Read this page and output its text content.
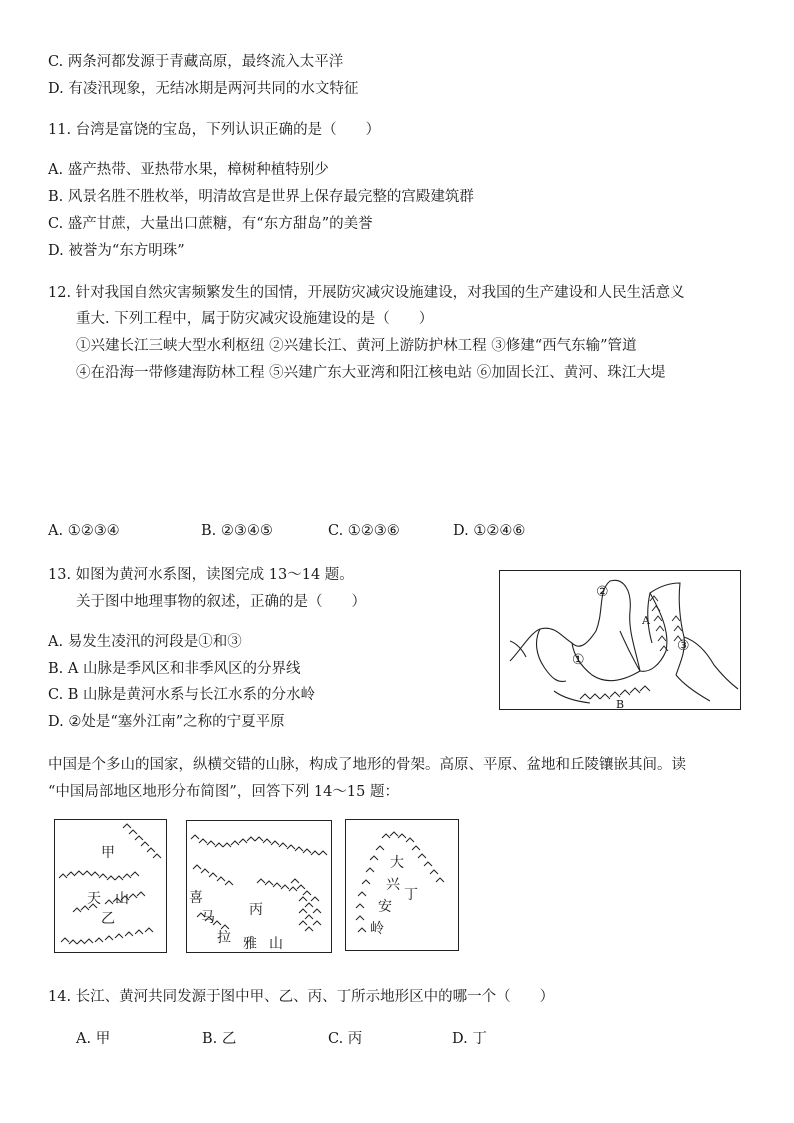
C. 两条河都发源于青藏高原，最终流入太平洋
D. 有凌汛现象，无结冰期是两河共同的水文特征
11. 台湾是富饶的宝岛，下列认识正确的是（　　）
A. 盛产热带、亚热带水果，樟树种植特别少
B. 风景名胜不胜枚举，明清故宫是世界上保存最完整的宫殿建筑群
C. 盛产甘蔗，大量出口蔗糖，有“东方甜岛”的美誉
D. 被誉为“东方明珠”
12. 针对我国自然灾害频繁发生的国情，开展防灾减灾设施建设，对我国的生产建设和人民生活意义
重大. 下列工程中，属于防灾减灾设施建设的是（　　）
①兴建长江三峡大型水利枢纽 ②兴建长江、黄河上游防护林工程 ③修建“西气东输”管道
④在沿海一带修建海防林工程 ⑤兴建广东大亚湾和阳江核电站 ⑥加固长江、黄河、珠江大堤
A. ①②③④	B. ②③④⑤	C. ①②③⑥	D. ①②④⑥
13. 如图为黄河水系图，读图完成 13～14 题。
关于图中地理事物的叙述，正确的是（　　）
A. 易发生凌汛的河段是①和③
B. A 山脉是季风区和非季风区的分界线
C. B 山脉是黄河水系与长江水系的分水岭
D. ②处是“塞外江南”之称的宁夏平原
②
①
③
A
B
中国是个多山的国家，纵横交错的山脉，构成了地形的骨架。高原、平原、盆地和丘陵镶嵌其间。读
“中国局部地区地形分布简图”，回答下列 14～15 题：
甲
天 山
乙
喜
马
拉
丙
雅 山
大
兴
安
岭
丁
14. 长江、黄河共同发源于图中甲、乙、丙、丁所示地形区中的哪一个（　　）
A. 甲	B. 乙	C. 丙	D. 丁
